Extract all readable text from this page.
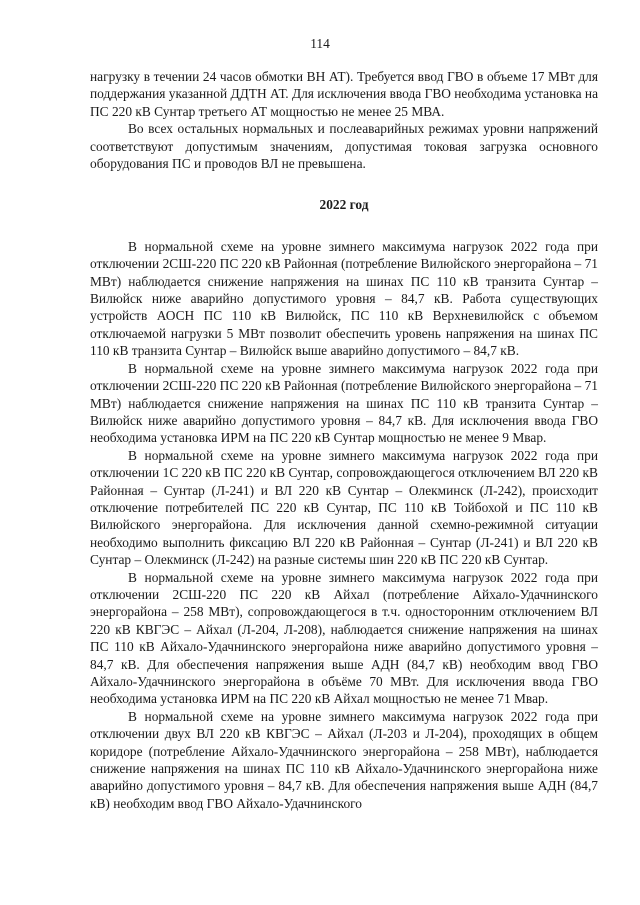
114

нагрузку в течении 24 часов обмотки ВН АТ). Требуется ввод ГВО в объеме 17 МВт для поддержания указанной ДДТН АТ. Для исключения ввода ГВО необходима установка на ПС 220 кВ Сунтар третьего АТ мощностью не менее 25 МВА.

Во всех остальных нормальных и послеаварийных режимах уровни напряжений соответствуют допустимым значениям, допустимая токовая загрузка основного оборудования ПС и проводов ВЛ не превышена.

2022 год

В нормальной схеме на уровне зимнего максимума нагрузок 2022 года при отключении 2СШ-220 ПС 220 кВ Районная (потребление Вилюйского энергорайона – 71 МВт) наблюдается снижение напряжения на шинах ПС 110 кВ транзита Сунтар – Вилюйск ниже аварийно допустимого уровня – 84,7 кВ. Работа существующих устройств АОСН ПС 110 кВ Вилюйск, ПС 110 кВ Верхневилюйск с объемом отключаемой нагрузки 5 МВт позволит обеспечить уровень напряжения на шинах ПС 110 кВ транзита Сунтар – Вилюйск выше аварийно допустимого – 84,7 кВ.

В нормальной схеме на уровне зимнего максимума нагрузок 2022 года при отключении 2СШ-220 ПС 220 кВ Районная (потребление Вилюйского энергорайона – 71 МВт) наблюдается снижение напряжения на шинах ПС 110 кВ транзита Сунтар – Вилюйск ниже аварийно допустимого уровня – 84,7 кВ. Для исключения ввода ГВО необходима установка ИРМ на ПС 220 кВ Сунтар мощностью не менее 9 Мвар.

В нормальной схеме на уровне зимнего максимума нагрузок 2022 года при отключении 1С 220 кВ ПС 220 кВ Сунтар, сопровождающегося отключением ВЛ 220 кВ Районная – Сунтар (Л-241) и ВЛ 220 кВ Сунтар – Олекминск (Л-242), происходит отключение потребителей ПС 220 кВ Сунтар, ПС 110 кВ Тойбохой и ПС 110 кВ Вилюйского энергорайона. Для исключения данной схемно-режимной ситуации необходимо выполнить фиксацию ВЛ 220 кВ Районная – Сунтар (Л-241) и ВЛ 220 кВ Сунтар – Олекминск (Л-242) на разные системы шин 220 кВ ПС 220 кВ Сунтар.

В нормальной схеме на уровне зимнего максимума нагрузок 2022 года при отключении 2СШ-220 ПС 220 кВ Айхал (потребление Айхало-Удачнинского энергорайона – 258 МВт), сопровождающегося в т.ч. односторонним отключением ВЛ 220 кВ КВГЭС – Айхал (Л-204, Л-208), наблюдается снижение напряжения на шинах ПС 110 кВ Айхало-Удачнинского энергорайона ниже аварийно допустимого уровня – 84,7 кВ. Для обеспечения напряжения выше АДН (84,7 кВ) необходим ввод ГВО Айхало-Удачнинского энергорайона в объёме 70 МВт. Для исключения ввода ГВО необходима установка ИРМ на ПС 220 кВ Айхал мощностью не менее 71 Мвар.

В нормальной схеме на уровне зимнего максимума нагрузок 2022 года при отключении двух ВЛ 220 кВ КВГЭС – Айхал (Л-203 и Л-204), проходящих в общем коридоре (потребление Айхало-Удачнинского энергорайона – 258 МВт), наблюдается снижение напряжения на шинах ПС 110 кВ Айхало-Удачнинского энергорайона ниже аварийно допустимого уровня – 84,7 кВ. Для обеспечения напряжения выше АДН (84,7 кВ) необходим ввод ГВО Айхало-Удачнинского
